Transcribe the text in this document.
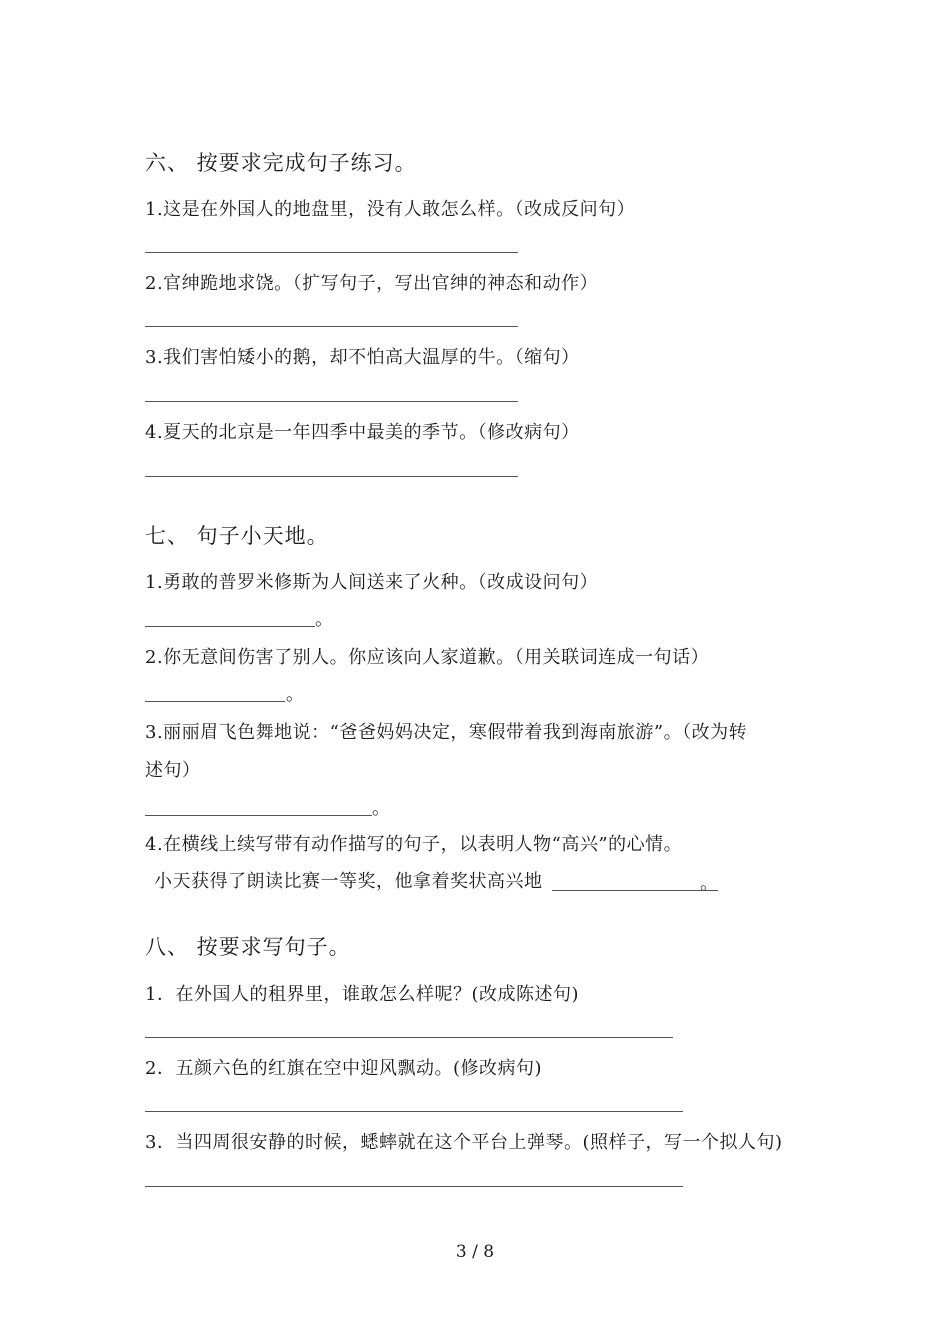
六、 按要求完成句子练习。
1.这是在外国人的地盘里，没有人敢怎么样。（改成反问句）
2.官绅跪地求饶。（扩写句子，写出官绅的神态和动作）
3.我们害怕矮小的鹅，却不怕高大温厚的牛。（缩句）
4.夏天的北京是一年四季中最美的季节。（修改病句）
七、 句子小天地。
1.勇敢的普罗米修斯为人间送来了火种。（改成设问句）
。
2.你无意间伤害了别人。你应该向人家道歉。（用关联词连成一句话）
。
3.丽丽眉飞色舞地说：“爸爸妈妈决定，寒假带着我到海南旅游”。（改为转
述句）
。
4.在横线上续写带有动作描写的句子，以表明人物“高兴”的心情。
小天获得了朗读比赛一等奖，他拿着奖状高兴地	。
八、 按要求写句子。
1．在外国人的租界里，谁敢怎么样呢？(改成陈述句)
2．五颜六色的红旗在空中迎风飘动。(修改病句)
3．当四周很安静的时候，蟋蟀就在这个平台上弹琴。(照样子，写一个拟人句)
3 / 8
